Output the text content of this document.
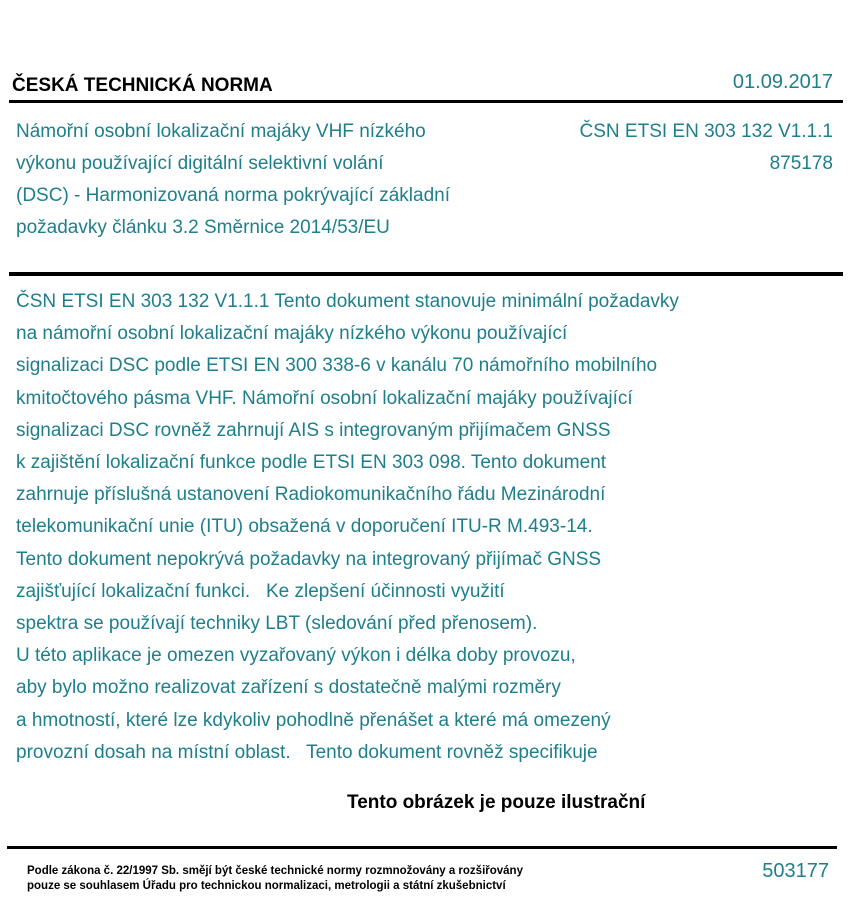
ČESKÁ TECHNICKÁ NORMA	01.09.2017
Námořní osobní lokalizační majáky VHF nízkého
výkonu používající digitální selektivní volání
(DSC) - Harmonizovaná norma pokrývající základní
požadavky článku 3.2 Směrnice 2014/53/EU
ČSN ETSI EN 303 132 V1.1.1
875178
ČSN ETSI EN 303 132 V1.1.1 Tento dokument stanovuje minimální požadavky
na námořní osobní lokalizační majáky nízkého výkonu používající
signalizaci DSC podle ETSI EN 300 338-6 v kanálu 70 námořního mobilního
kmitočtového pásma VHF. Námořní osobní lokalizační majáky používající
signalizaci DSC rovněž zahrnují AIS s integrovaným přijímačem GNSS
k zajištění lokalizační funkce podle ETSI EN 303 098. Tento dokument
zahrnuje příslušná ustanovení Radiokomunikačního řádu Mezinárodní
telekomunikační unie (ITU) obsažená v doporučení ITU-R M.493-14.
Tento dokument nepokrývá požadavky na integrovaný přijímač GNSS
zajišťující lokalizační funkci.   Ke zlepšení účinnosti využití
spektra se používají techniky LBT (sledování před přenosem).
U této aplikace je omezen vyzařovaný výkon i délka doby provozu,
aby bylo možno realizovat zařízení s dostatečně malými rozměry
a hmotností, které lze kdykoliv pohodlně přenášet a které má omezený
provozní dosah na místní oblast.   Tento dokument rovněž specifikuje
Tento obrázek je pouze ilustrační
Podle zákona č. 22/1997 Sb. smějí být české technické normy rozmnožovány a rozšiřovány
pouze se souhlasem Úřadu pro technickou normalizaci, metrologii a státní zkušebnictví
503177
